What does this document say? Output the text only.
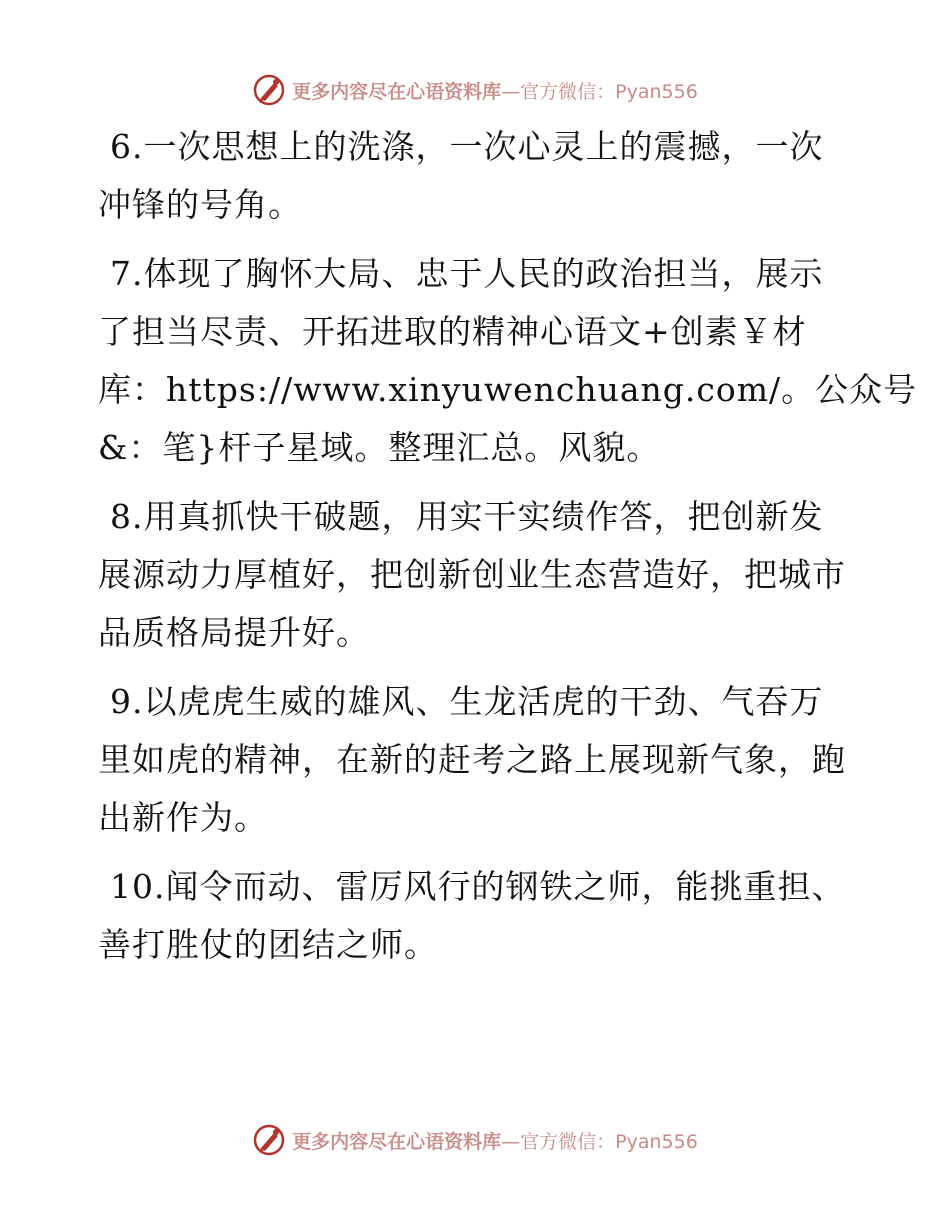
更多内容尽在心语资料库—官方微信：Pyan556

6.一次思想上的洗涤，一次心灵上的震撼，一次
冲锋的号角。

7.体现了胸怀大局、忠于人民的政治担当，展示
了担当尽责、开拓进取的精神心语文+创素￥材
库：https://www.xinyuwenchuang.com/。公众号
&：笔}杆子星域。整理汇总。风貌。

8.用真抓快干破题，用实干实绩作答，把创新发
展源动力厚植好，把创新创业生态营造好，把城市
品质格局提升好。

9.以虎虎生威的雄风、生龙活虎的干劲、气吞万
里如虎的精神，在新的赶考之路上展现新气象，跑
出新作为。

10.闻令而动、雷厉风行的钢铁之师，能挑重担、
善打胜仗的团结之师。

更多内容尽在心语资料库—官方微信：Pyan556
